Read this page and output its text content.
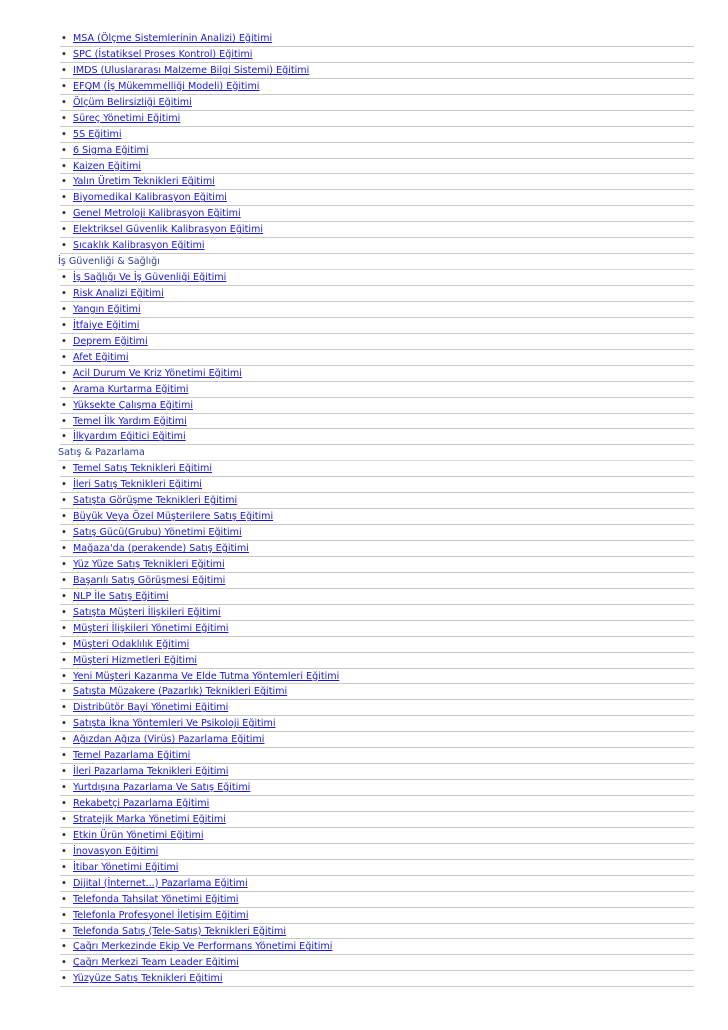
• MSA (Ölçme Sistemlerinin Analizi) Eğitimi
• SPC (İstatiksel Proses Kontrol) Eğitimi
• IMDS (Uluslararası Malzeme Bilgi Sistemi) Eğitimi
• EFQM (İş Mükemmelliği Modeli) Eğitimi
• Ölçüm Belirsizliği Eğitimi
• Süreç Yönetimi Eğitimi
• 5S Eğitimi
• 6 Sigma Eğitimi
• Kaizen Eğitimi
• Yalın Üretim Teknikleri Eğitimi
• Biyomedikal Kalibrasyon Eğitimi
• Genel Metroloji Kalibrasyon Eğitimi
• Elektriksel Güvenlik Kalibrasyon Eğitimi
• Sıcaklık Kalibrasyon Eğitimi
İş Güvenliği & Sağlığı
• İş Sağlığı Ve İş Güvenliği Eğitimi
• Risk Analizi Eğitimi
• Yangın Eğitimi
• İtfaiye Eğitimi
• Deprem Eğitimi
• Afet Eğitimi
• Acil Durum Ve Kriz Yönetimi Eğitimi
• Arama Kurtarma Eğitimi
• Yüksekte Çalışma Eğitimi
• Temel İlk Yardım Eğitimi
• İlkyardım Eğitici Eğitimi
Satış & Pazarlama
• Temel Satış Teknikleri Eğitimi
• İleri Satış Teknikleri Eğitimi
• Satışta Görüşme Teknikleri Eğitimi
• Büyük Veya Özel Müşterilere Satış Eğitimi
• Satış Gücü(Grubu) Yönetimi Eğitimi
• Mağaza'da (perakende) Satış Eğitimi
• Yüz Yüze Satış Teknikleri Eğitimi
• Başarılı Satış Görüşmesi Eğitimi
• NLP İle Satış Eğitimi
• Satışta Müşteri İlişkileri Eğitimi
• Müşteri İlişkileri Yönetimi Eğitimi
• Müşteri Odaklılık Eğitimi
• Müşteri Hizmetleri Eğitimi
• Yeni Müşteri Kazanma Ve Elde Tutma Yöntemleri Eğitimi
• Satışta Müzakere (Pazarlık) Teknikleri Eğitimi
• Distribütör Bayi Yönetimi Eğitimi
• Satışta İkna Yöntemleri Ve Psikoloji Eğitimi
• Ağızdan Ağıza (Virüs) Pazarlama Eğitimi
• Temel Pazarlama Eğitimi
• İleri Pazarlama Teknikleri Eğitimi
• Yurtdışına Pazarlama Ve Satış Eğitimi
• Rekabetçi Pazarlama Eğitimi
• Stratejik Marka Yönetimi Eğitimi
• Etkin Ürün Yönetimi Eğitimi
• İnovasyon Eğitimi
• İtibar Yönetimi Eğitimi
• Dijital (İnternet...) Pazarlama Eğitimi
• Telefonda Tahsilat Yönetimi Eğitimi
• Telefonla Profesyonel İletişim Eğitimi
• Telefonda Satış (Tele-Satış) Teknikleri Eğitimi
• Çağrı Merkezinde Ekip Ve Performans Yönetimi Eğitimi
• Çağrı Merkezi Team Leader Eğitimi
• Yüzyüze Satış Teknikleri Eğitimi
